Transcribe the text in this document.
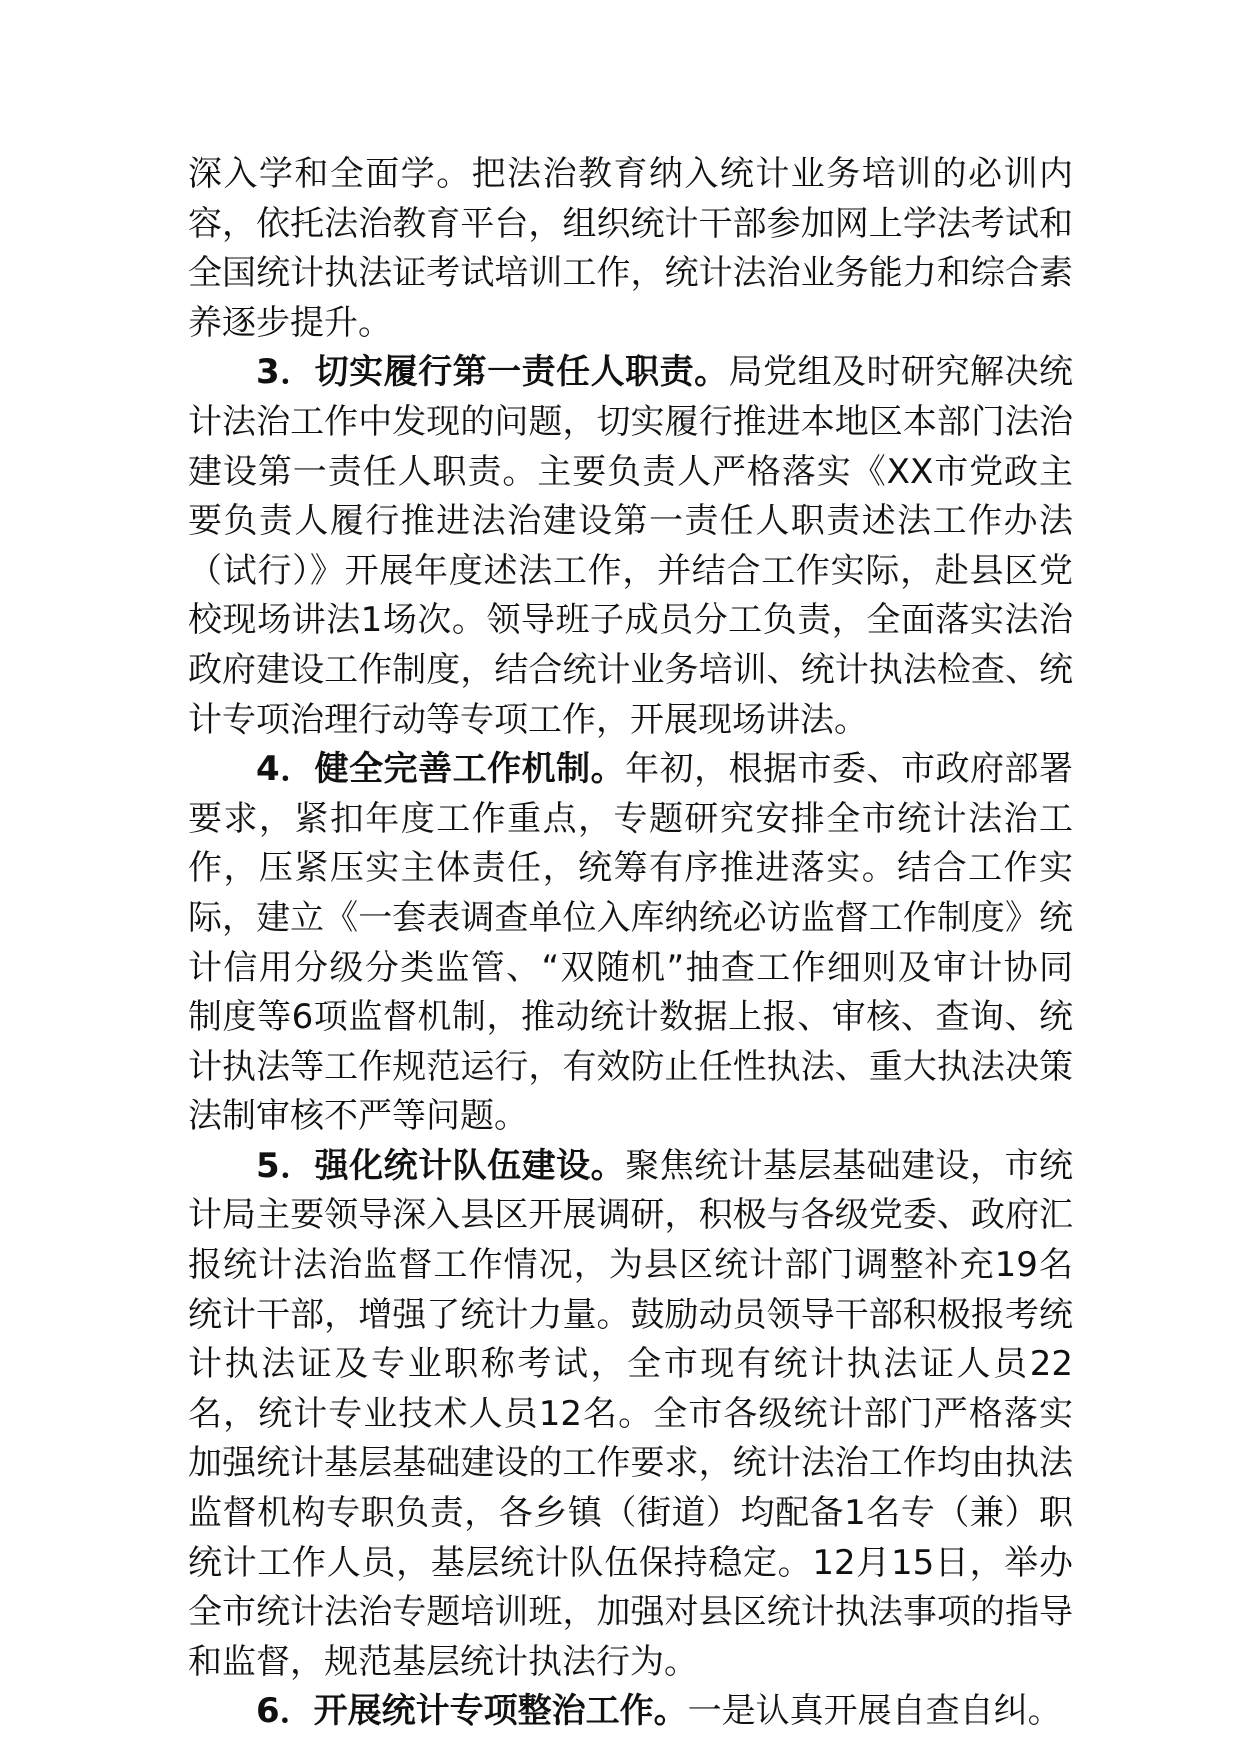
深入学和全面学。把法治教育纳入统计业务培训的必训内容，依托法治教育平台，组织统计干部参加网上学法考试和全国统计执法证考试培训工作，统计法治业务能力和综合素养逐步提升。

3．切实履行第一责任人职责。局党组及时研究解决统计法治工作中发现的问题，切实履行推进本地区本部门法治建设第一责任人职责。主要负责人严格落实《XX市党政主要负责人履行推进法治建设第一责任人职责述法工作办法（试行）》开展年度述法工作，并结合工作实际，赴县区党校现场讲法1场次。领导班子成员分工负责，全面落实法治政府建设工作制度，结合统计业务培训、统计执法检查、统计专项治理行动等专项工作，开展现场讲法。

4．健全完善工作机制。年初，根据市委、市政府部署要求，紧扣年度工作重点，专题研究安排全市统计法治工作，压紧压实主体责任，统筹有序推进落实。结合工作实际，建立《一套表调查单位入库纳统必访监督工作制度》统计信用分级分类监管、“双随机”抽查工作细则及审计协同制度等6项监督机制，推动统计数据上报、审核、查询、统计执法等工作规范运行，有效防止任性执法、重大执法决策法制审核不严等问题。

5．强化统计队伍建设。聚焦统计基层基础建设，市统计局主要领导深入县区开展调研，积极与各级党委、政府汇报统计法治监督工作情况，为县区统计部门调整补充19名统计干部，增强了统计力量。鼓励动员领导干部积极报考统计执法证及专业职称考试，全市现有统计执法证人员22名，统计专业技术人员12名。全市各级统计部门严格落实加强统计基层基础建设的工作要求，统计法治工作均由执法监督机构专职负责，各乡镇（街道）均配备1名专（兼）职统计工作人员，基层统计队伍保持稳定。12月15日，举办全市统计法治专题培训班，加强对县区统计执法事项的指导和监督，规范基层统计执法行为。

6．开展统计专项整治工作。一是认真开展自查自纠。
